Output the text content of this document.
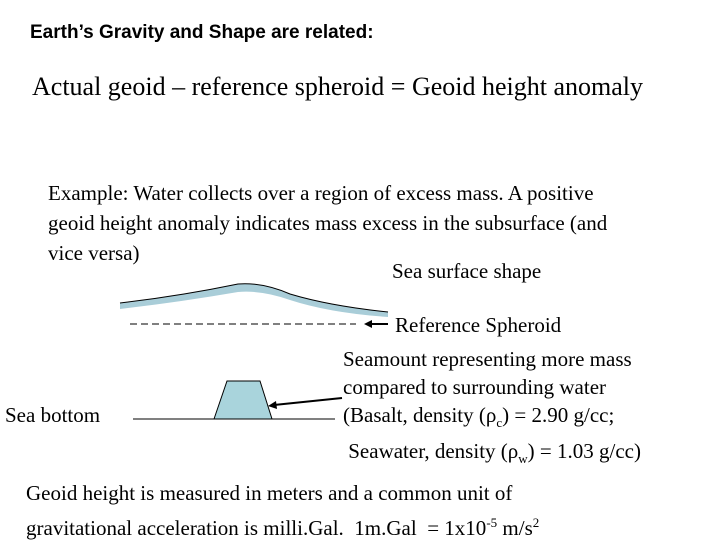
Earth’s Gravity and Shape are related:
Actual geoid – reference spheroid = Geoid height anomaly
Example: Water collects over a region of excess mass. A positive
geoid height anomaly indicates mass excess in the subsurface (and
vice versa)
Sea surface shape
Reference Spheroid
Sea bottom
Seamount representing more mass
compared to surrounding water
(Basalt, density $(\rho_c) = 2.90$ g/cc;
Seawater, density $(\rho_w) = 1.03$ g/cc)
Geoid height is measured in meters and a common unit of
gravitational acceleration is milli.Gal.  $1m.Gal = 1x10^{-5}$ $m/s^2$
